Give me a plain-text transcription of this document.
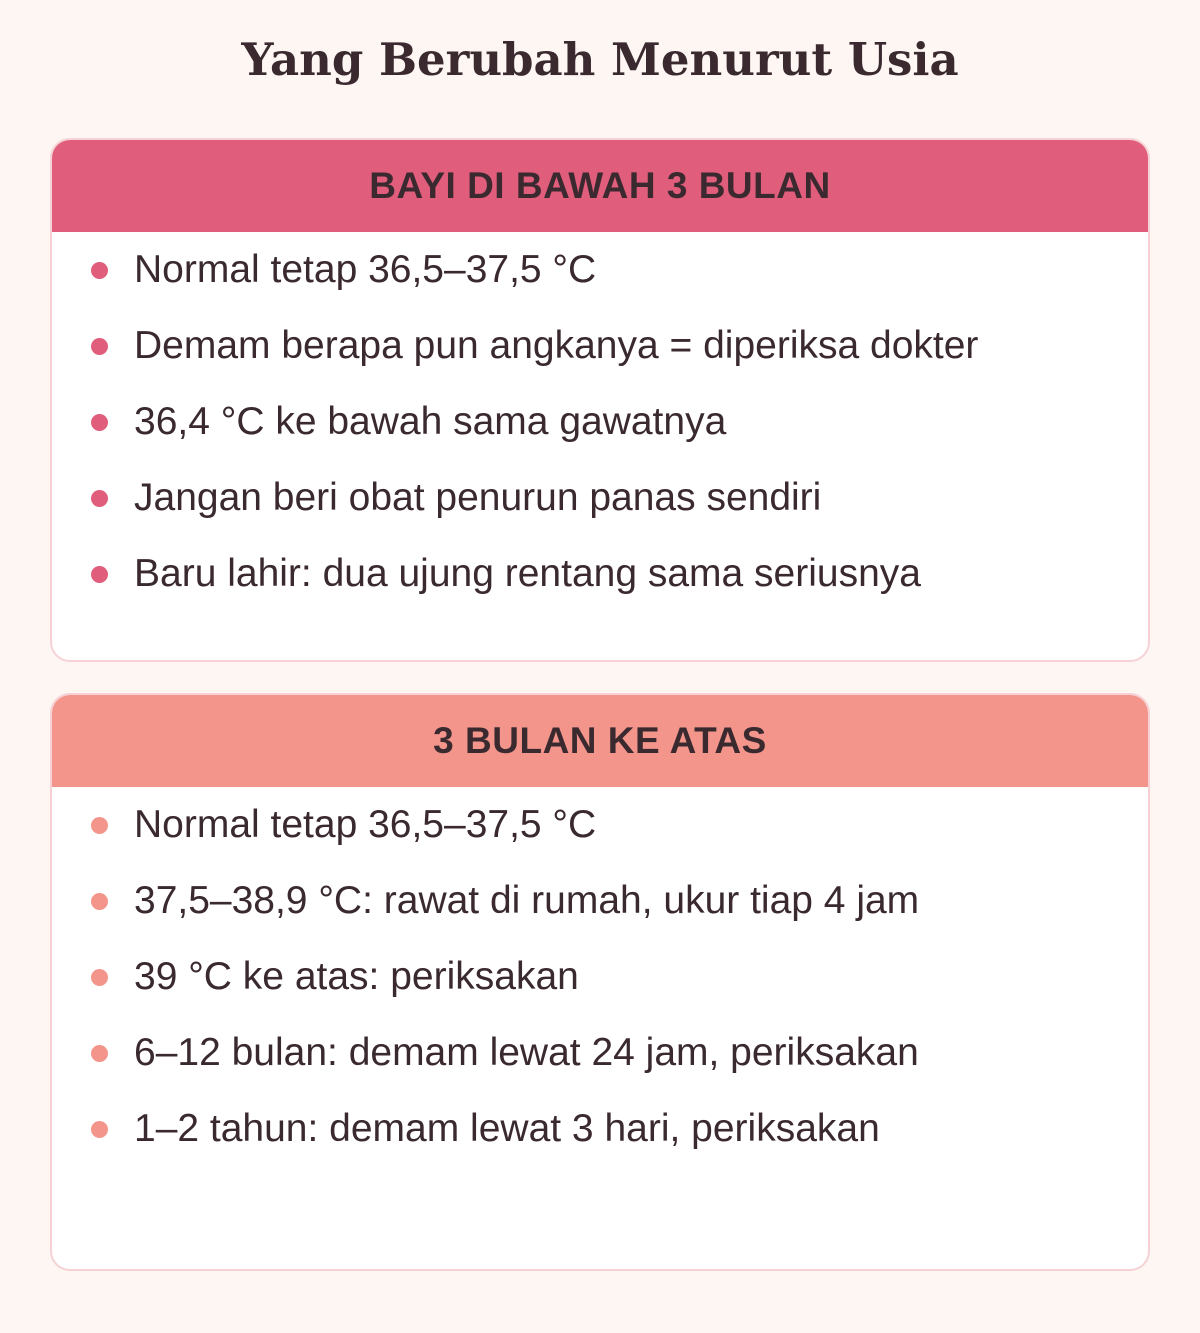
Yang Berubah Menurut Usia
BAYI DI BAWAH 3 BULAN
Normal tetap 36,5–37,5 °C
Demam berapa pun angkanya = diperiksa dokter
36,4 °C ke bawah sama gawatnya
Jangan beri obat penurun panas sendiri
Baru lahir: dua ujung rentang sama seriusnya
3 BULAN KE ATAS
Normal tetap 36,5–37,5 °C
37,5–38,9 °C: rawat di rumah, ukur tiap 4 jam
39 °C ke atas: periksakan
6–12 bulan: demam lewat 24 jam, periksakan
1–2 tahun: demam lewat 3 hari, periksakan
